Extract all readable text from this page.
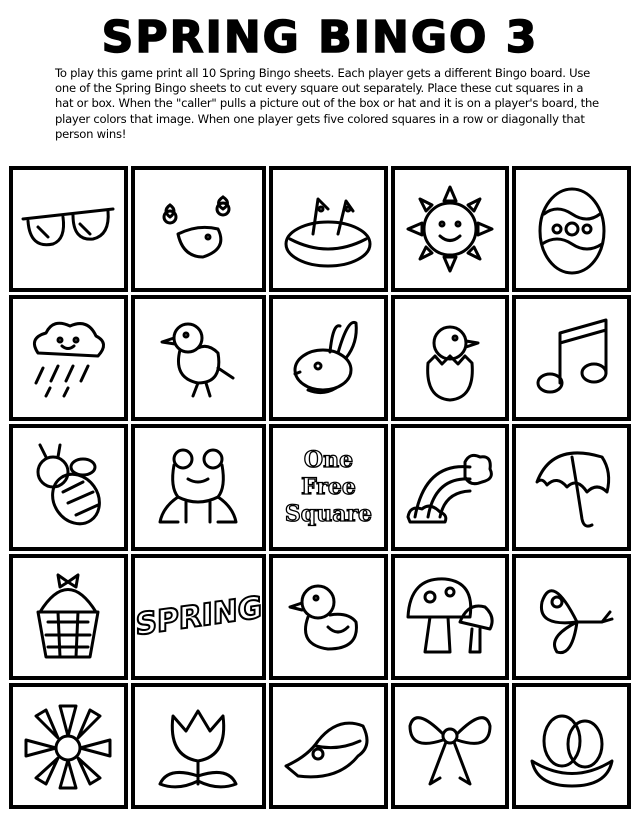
SPRING BINGO 3
To play this game print all 10 Spring Bingo sheets. Each player gets a different Bingo board. Use one of the Spring Bingo sheets to cut every square out separately. Place these cut squares in a hat or box. When the "caller" pulls a picture out of the box or hat and it is on a player's board, the player colors that image. When one player gets five colored squares in a row or diagonally that person wins!
One Free Square
SPRING
